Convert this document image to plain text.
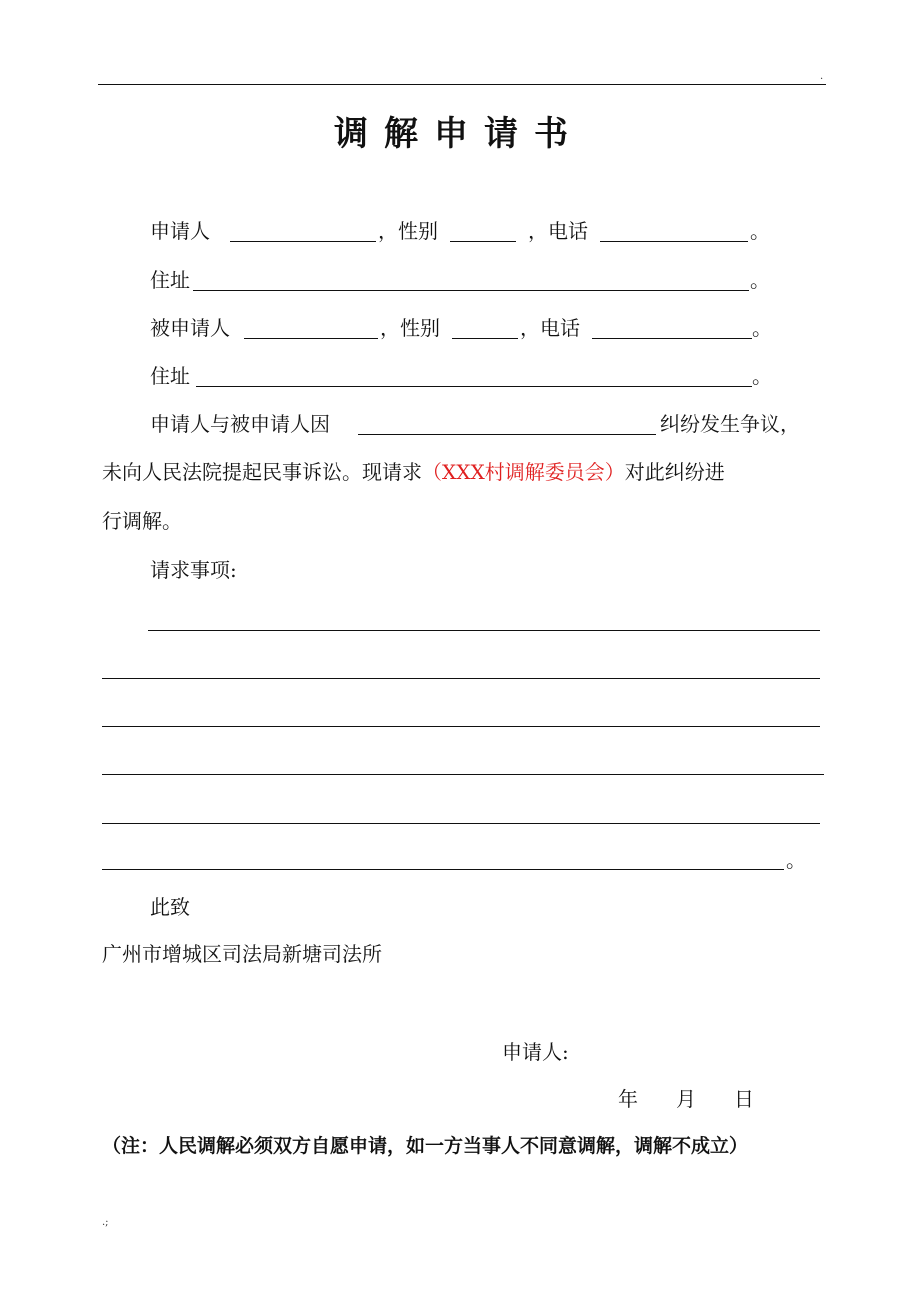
.
调解申请书
申请人	，性别	，电话	。
住址	。
被申请人	，性别	，电话	。
住址	。
申请人与被申请人因	纠纷发生争议，
未向人民法院提起民事诉讼。现请求（XXX村调解委员会）对此纠纷进
行调解。
请求事项:
。
此致
广州市增城区司法局新塘司法所
申请人:
年 月 日
（注：人民调解必须双方自愿申请，如一方当事人不同意调解，调解不成立）
.;
